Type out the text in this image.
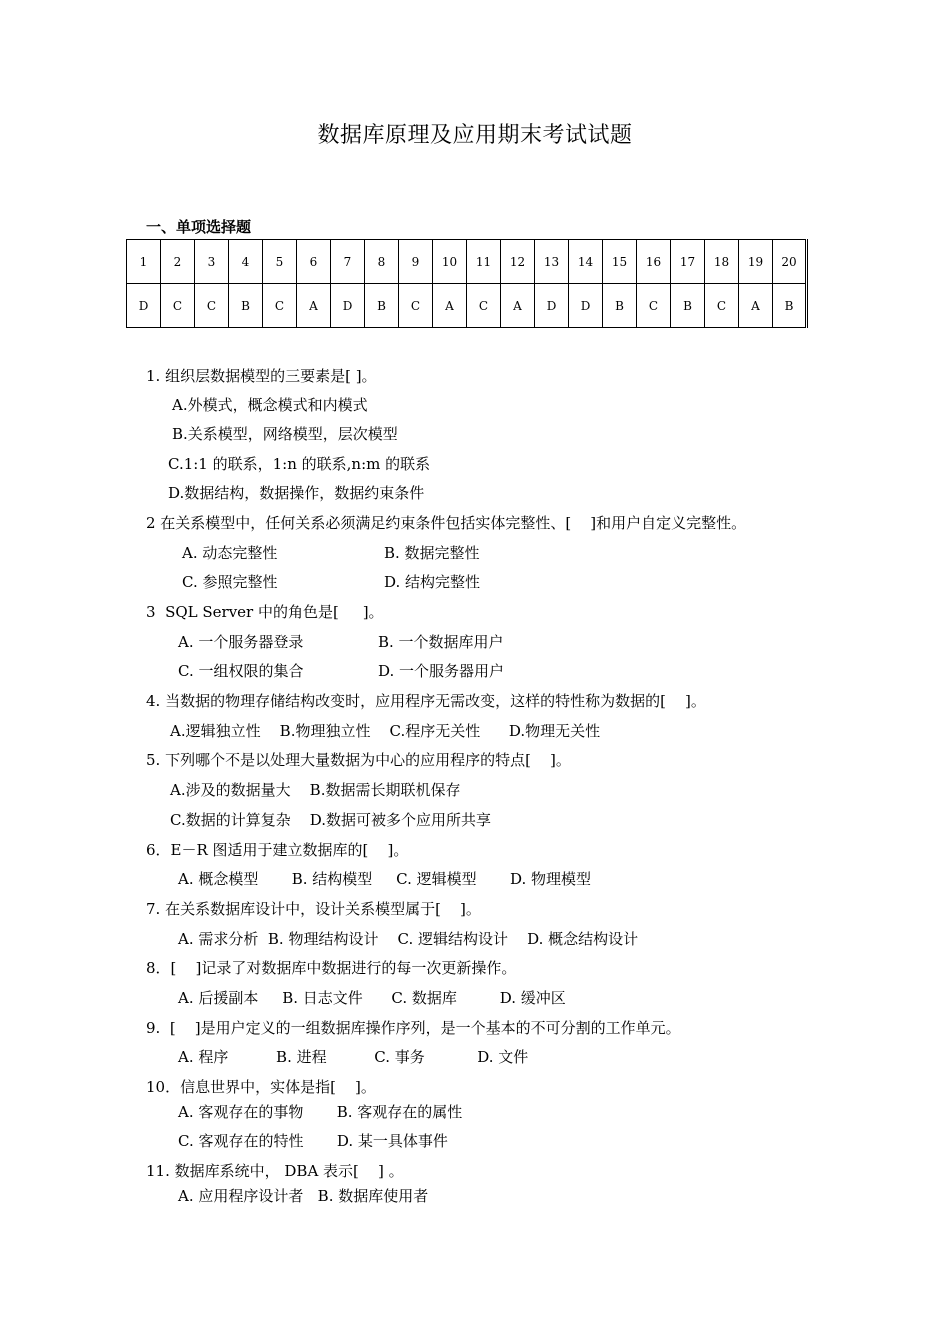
数据库原理及应用期末考试试题
一、单项选择题
1	2	3	4	5	6	7	8	9	10	11	12	13	14	15	16	17	18	19	20
D	C	C	B	C	A	D	B	C	A	C	A	D	D	B	C	B	C	A	B
1. 组织层数据模型的三要素是[ ]。
A.外模式，概念模式和内模式
B.关系模型，网络模型，层次模型
C.1:1 的联系，1:n 的联系,n:m 的联系
D.数据结构，数据操作，数据约束条件
2 在关系模型中，任何关系必须满足约束条件包括实体完整性、[    ]和用户自定义完整性。
A. 动态完整性	B. 数据完整性
C. 参照完整性	D. 结构完整性
3  SQL Server 中的角色是[     ]。
A. 一个服务器登录	B. 一个数据库用户
C. 一组权限的集合	D. 一个服务器用户
4. 当数据的物理存储结构改变时，应用程序无需改变，这样的特性称为数据的[    ]。
A.逻辑独立性    B.物理独立性    C.程序无关性      D.物理无关性
5. 下列哪个不是以处理大量数据为中心的应用程序的特点[    ]。
A.涉及的数据量大    B.数据需长期联机保存
C.数据的计算复杂    D.数据可被多个应用所共享
6．E－R 图适用于建立数据库的[    ]。
A. 概念模型       B. 结构模型     C. 逻辑模型       D. 物理模型
7. 在关系数据库设计中，设计关系模型属于[    ]。
A. 需求分析  B. 物理结构设计    C. 逻辑结构设计    D. 概念结构设计
8．[    ]记录了对数据库中数据进行的每一次更新操作。
A. 后援副本     B. 日志文件      C. 数据库         D. 缓冲区
9.  [    ]是用户定义的一组数据库操作序列，是一个基本的不可分割的工作单元。
A. 程序          B. 进程          C. 事务           D. 文件
10．信息世界中，实体是指[    ]。
A. 客观存在的事物       B. 客观存在的属性
C. 客观存在的特性       D. 某一具体事件
11. 数据库系统中， DBA 表示[    ] 。
A. 应用程序设计者   B. 数据库使用者
